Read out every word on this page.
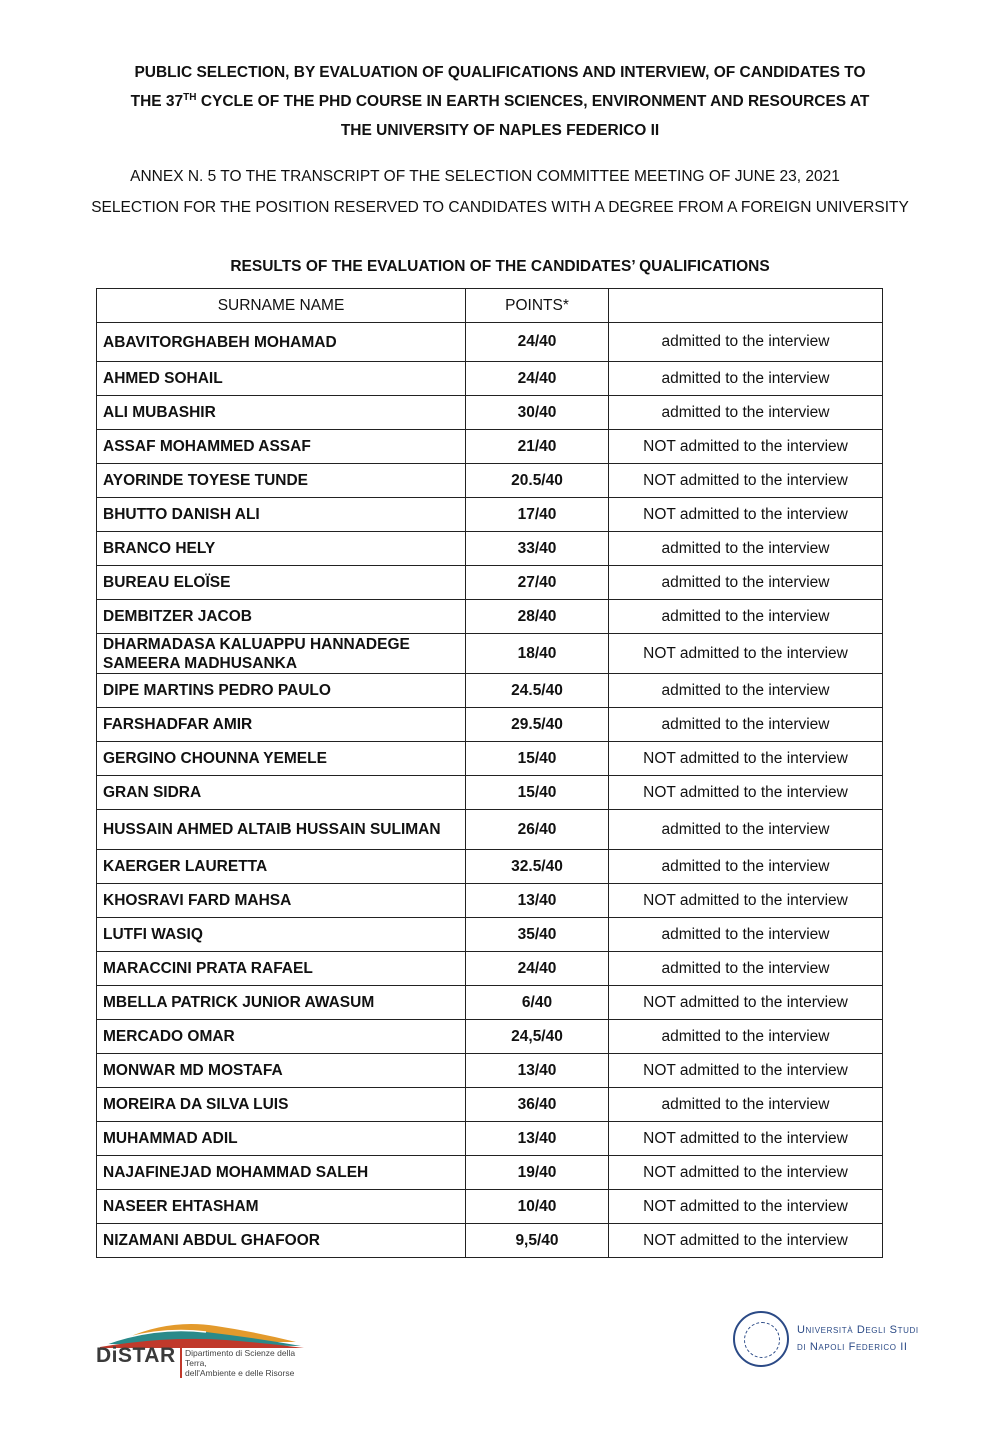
PUBLIC SELECTION, BY EVALUATION OF QUALIFICATIONS AND INTERVIEW, OF CANDIDATES TO
THE 37TH CYCLE OF THE PHD COURSE IN EARTH SCIENCES, ENVIRONMENT AND RESOURCES AT
THE UNIVERSITY OF NAPLES FEDERICO II
ANNEX N. 5 TO THE TRANSCRIPT OF THE SELECTION COMMITTEE MEETING OF JUNE 23, 2021
SELECTION FOR THE POSITION RESERVED TO CANDIDATES WITH A DEGREE FROM A FOREIGN UNIVERSITY
RESULTS OF THE EVALUATION OF THE CANDIDATES’ QUALIFICATIONS
SURNAME NAME	POINTS*	
ABAVITORGHABEH MOHAMAD	24/40	admitted to the interview
AHMED SOHAIL	24/40	admitted to the interview
ALI MUBASHIR	30/40	admitted to the interview
ASSAF MOHAMMED ASSAF	21/40	NOT admitted to the interview
AYORINDE TOYESE TUNDE	20.5/40	NOT admitted to the interview
BHUTTO DANISH ALI	17/40	NOT admitted to the interview
BRANCO HELY	33/40	admitted to the interview
BUREAU ELOÏSE	27/40	admitted to the interview
DEMBITZER JACOB	28/40	admitted to the interview
DHARMADASA KALUAPPU HANNADEGE SAMEERA MADHUSANKA	18/40	NOT admitted to the interview
DIPE MARTINS PEDRO PAULO	24.5/40	admitted to the interview
FARSHADFAR AMIR	29.5/40	admitted to the interview
GERGINO CHOUNNA YEMELE	15/40	NOT admitted to the interview
GRAN SIDRA	15/40	NOT admitted to the interview
HUSSAIN AHMED ALTAIB HUSSAIN SULIMAN	26/40	admitted to the interview
KAERGER LAURETTA	32.5/40	admitted to the interview
KHOSRAVI FARD MAHSA	13/40	NOT admitted to the interview
LUTFI WASIQ	35/40	admitted to the interview
MARACCINI PRATA RAFAEL	24/40	admitted to the interview
MBELLA PATRICK JUNIOR AWASUM	6/40	NOT admitted to the interview
MERCADO OMAR	24,5/40	admitted to the interview
MONWAR MD MOSTAFA	13/40	NOT admitted to the interview
MOREIRA DA SILVA LUIS	36/40	admitted to the interview
MUHAMMAD ADIL	13/40	NOT admitted to the interview
NAJAFINEJAD MOHAMMAD SALEH	19/40	NOT admitted to the interview
NASEER EHTASHAM	10/40	NOT admitted to the interview
NIZAMANI ABDUL GHAFOOR	9,5/40	NOT admitted to the interview
DiSTAR Dipartimento di Scienze della Terra,
dell'Ambiente e delle Risorse
Università Degli Studi
di Napoli Federico II
